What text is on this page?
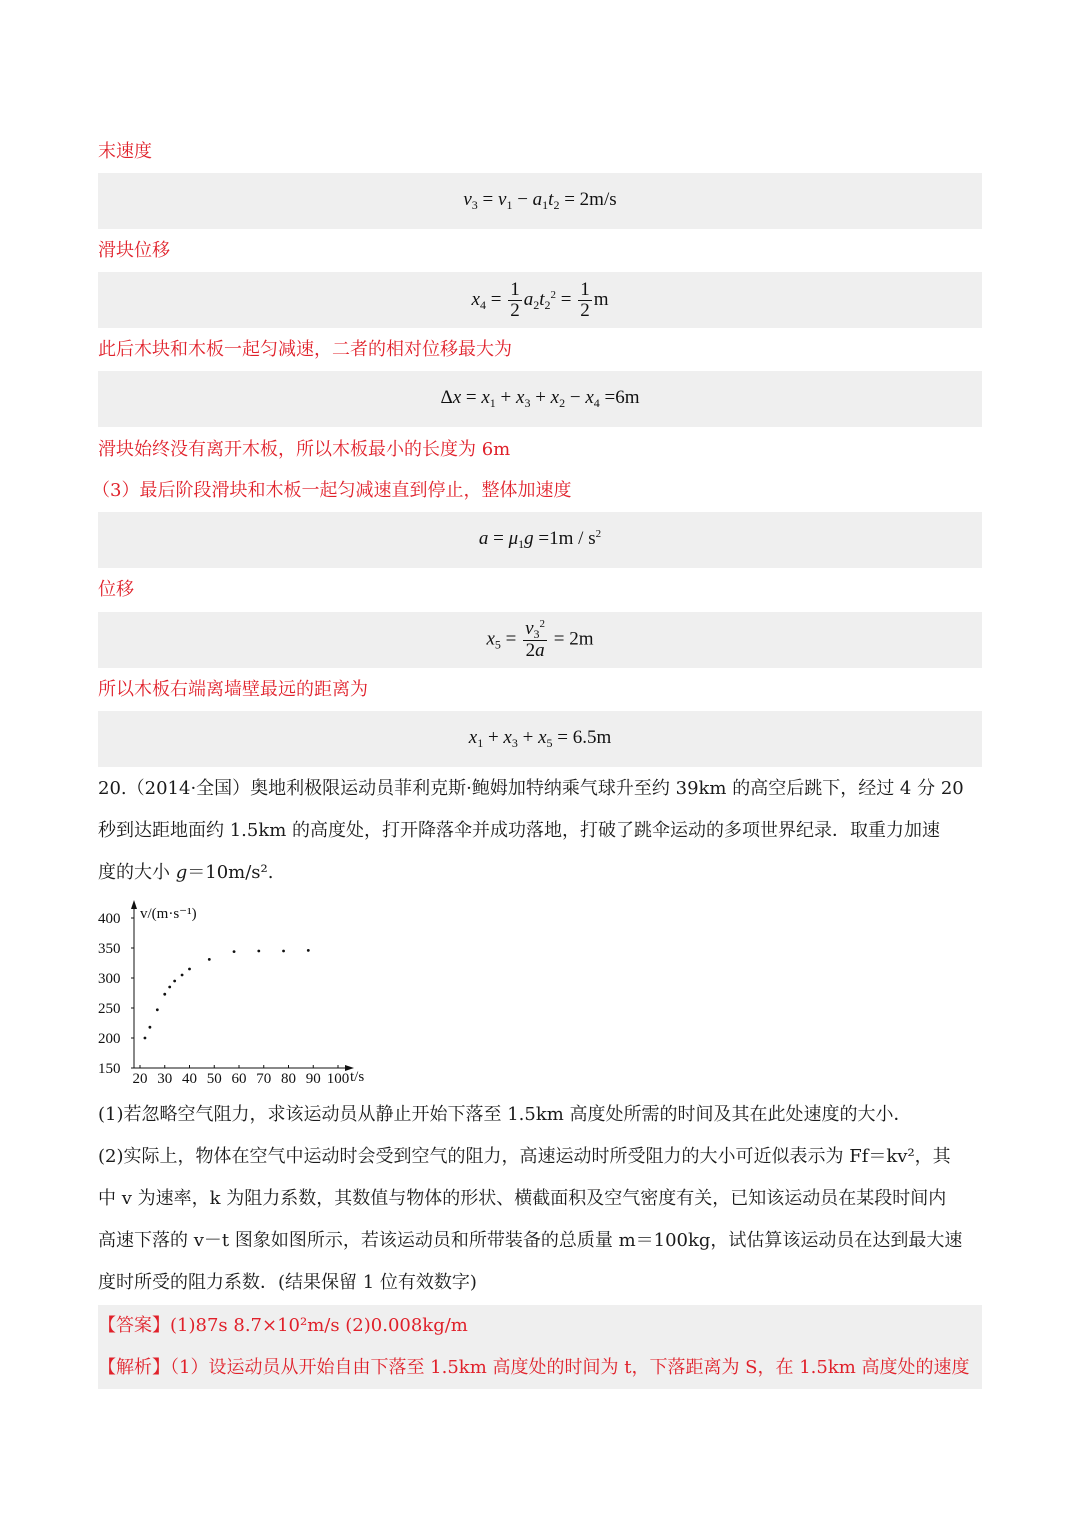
末速度
$v_3 = v_1 - a_1t_2 = 2m/s$
滑块位移
$x_4 = \frac{1}{2} a_2t_2^2 = \frac{1}{2}$ m
此后木块和木板一起匀减速，二者的相对位移最大为
$\Delta x = x_1 + x_3 + x_2 - x_4 =6m$
滑块始终没有离开木板，所以木板最小的长度为 6m
（3）最后阶段滑块和木板一起匀减速直到停止，整体加速度
$a = \mu_1g =1m / s^2$
位移
$x_5 = \frac{v_3^2}{2a} = 2m$
所以木板右端离墙壁最远的距离为
$x_1 + x_3 + x_5 = 6.5m$
20.（2014·全国）奥地利极限运动员菲利克斯·鲍姆加特纳乘气球升至约 39km 的高空后跳下，经过 4 分 20
秒到达距地面约 1.5km 的高度处，打开降落伞并成功落地，打破了跳伞运动的多项世界纪录．取重力加速
度的大小 g＝10m/s².
v/(m·s⁻¹)
t/s
150
200
250
300
350
400
20 30 40 50 60 70 80 90 100
(1)若忽略空气阻力，求该运动员从静止开始下落至 1.5km 高度处所需的时间及其在此处速度的大小．
(2)实际上，物体在空气中运动时会受到空气的阻力，高速运动时所受阻力的大小可近似表示为 Ff＝kv²，其
中 v 为速率，k 为阻力系数，其数值与物体的形状、横截面积及空气密度有关，已知该运动员在某段时间内
高速下落的 v－t 图象如图所示，若该运动员和所带装备的总质量 m＝100kg，试估算该运动员在达到最大速
度时所受的阻力系数．(结果保留 1 位有效数字)
【答案】(1)87s 8.7×10²m/s (2)0.008kg/m
【解析】（1）设运动员从开始自由下落至 1.5km 高度处的时间为 t，下落距离为 S，在 1.5km 高度处的速度
